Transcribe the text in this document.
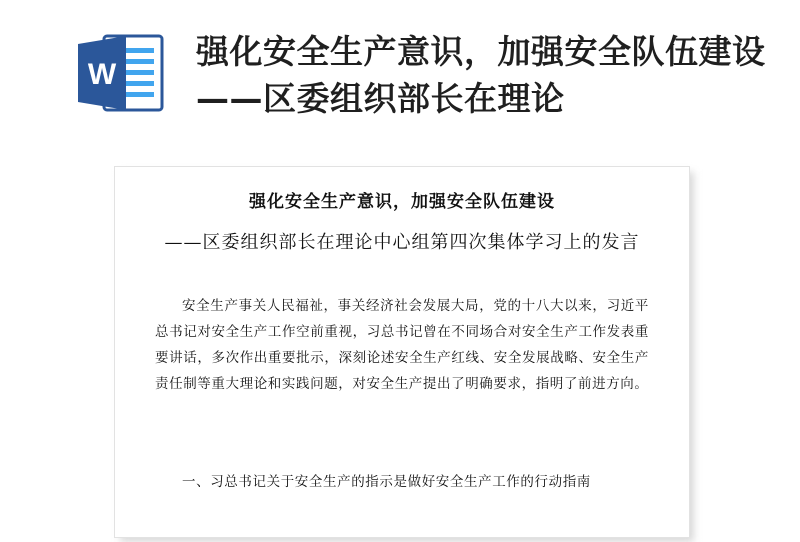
W
强化安全生产意识，加强安全队伍建设——区委组织部长在理论
强化安全生产意识，加强安全队伍建设
——区委组织部长在理论中心组第四次集体学习上的发言

安全生产事关人民福祉，事关经济社会发展大局，党的十八大以来，习近平总书记对安全生产工作空前重视，习总书记曾在不同场合对安全生产工作发表重要讲话，多次作出重要批示，深刻论述安全生产红线、安全发展战略、安全生产责任制等重大理论和实践问题，对安全生产提出了明确要求，指明了前进方向。

一、习总书记关于安全生产的指示是做好安全生产工作的行动指南
